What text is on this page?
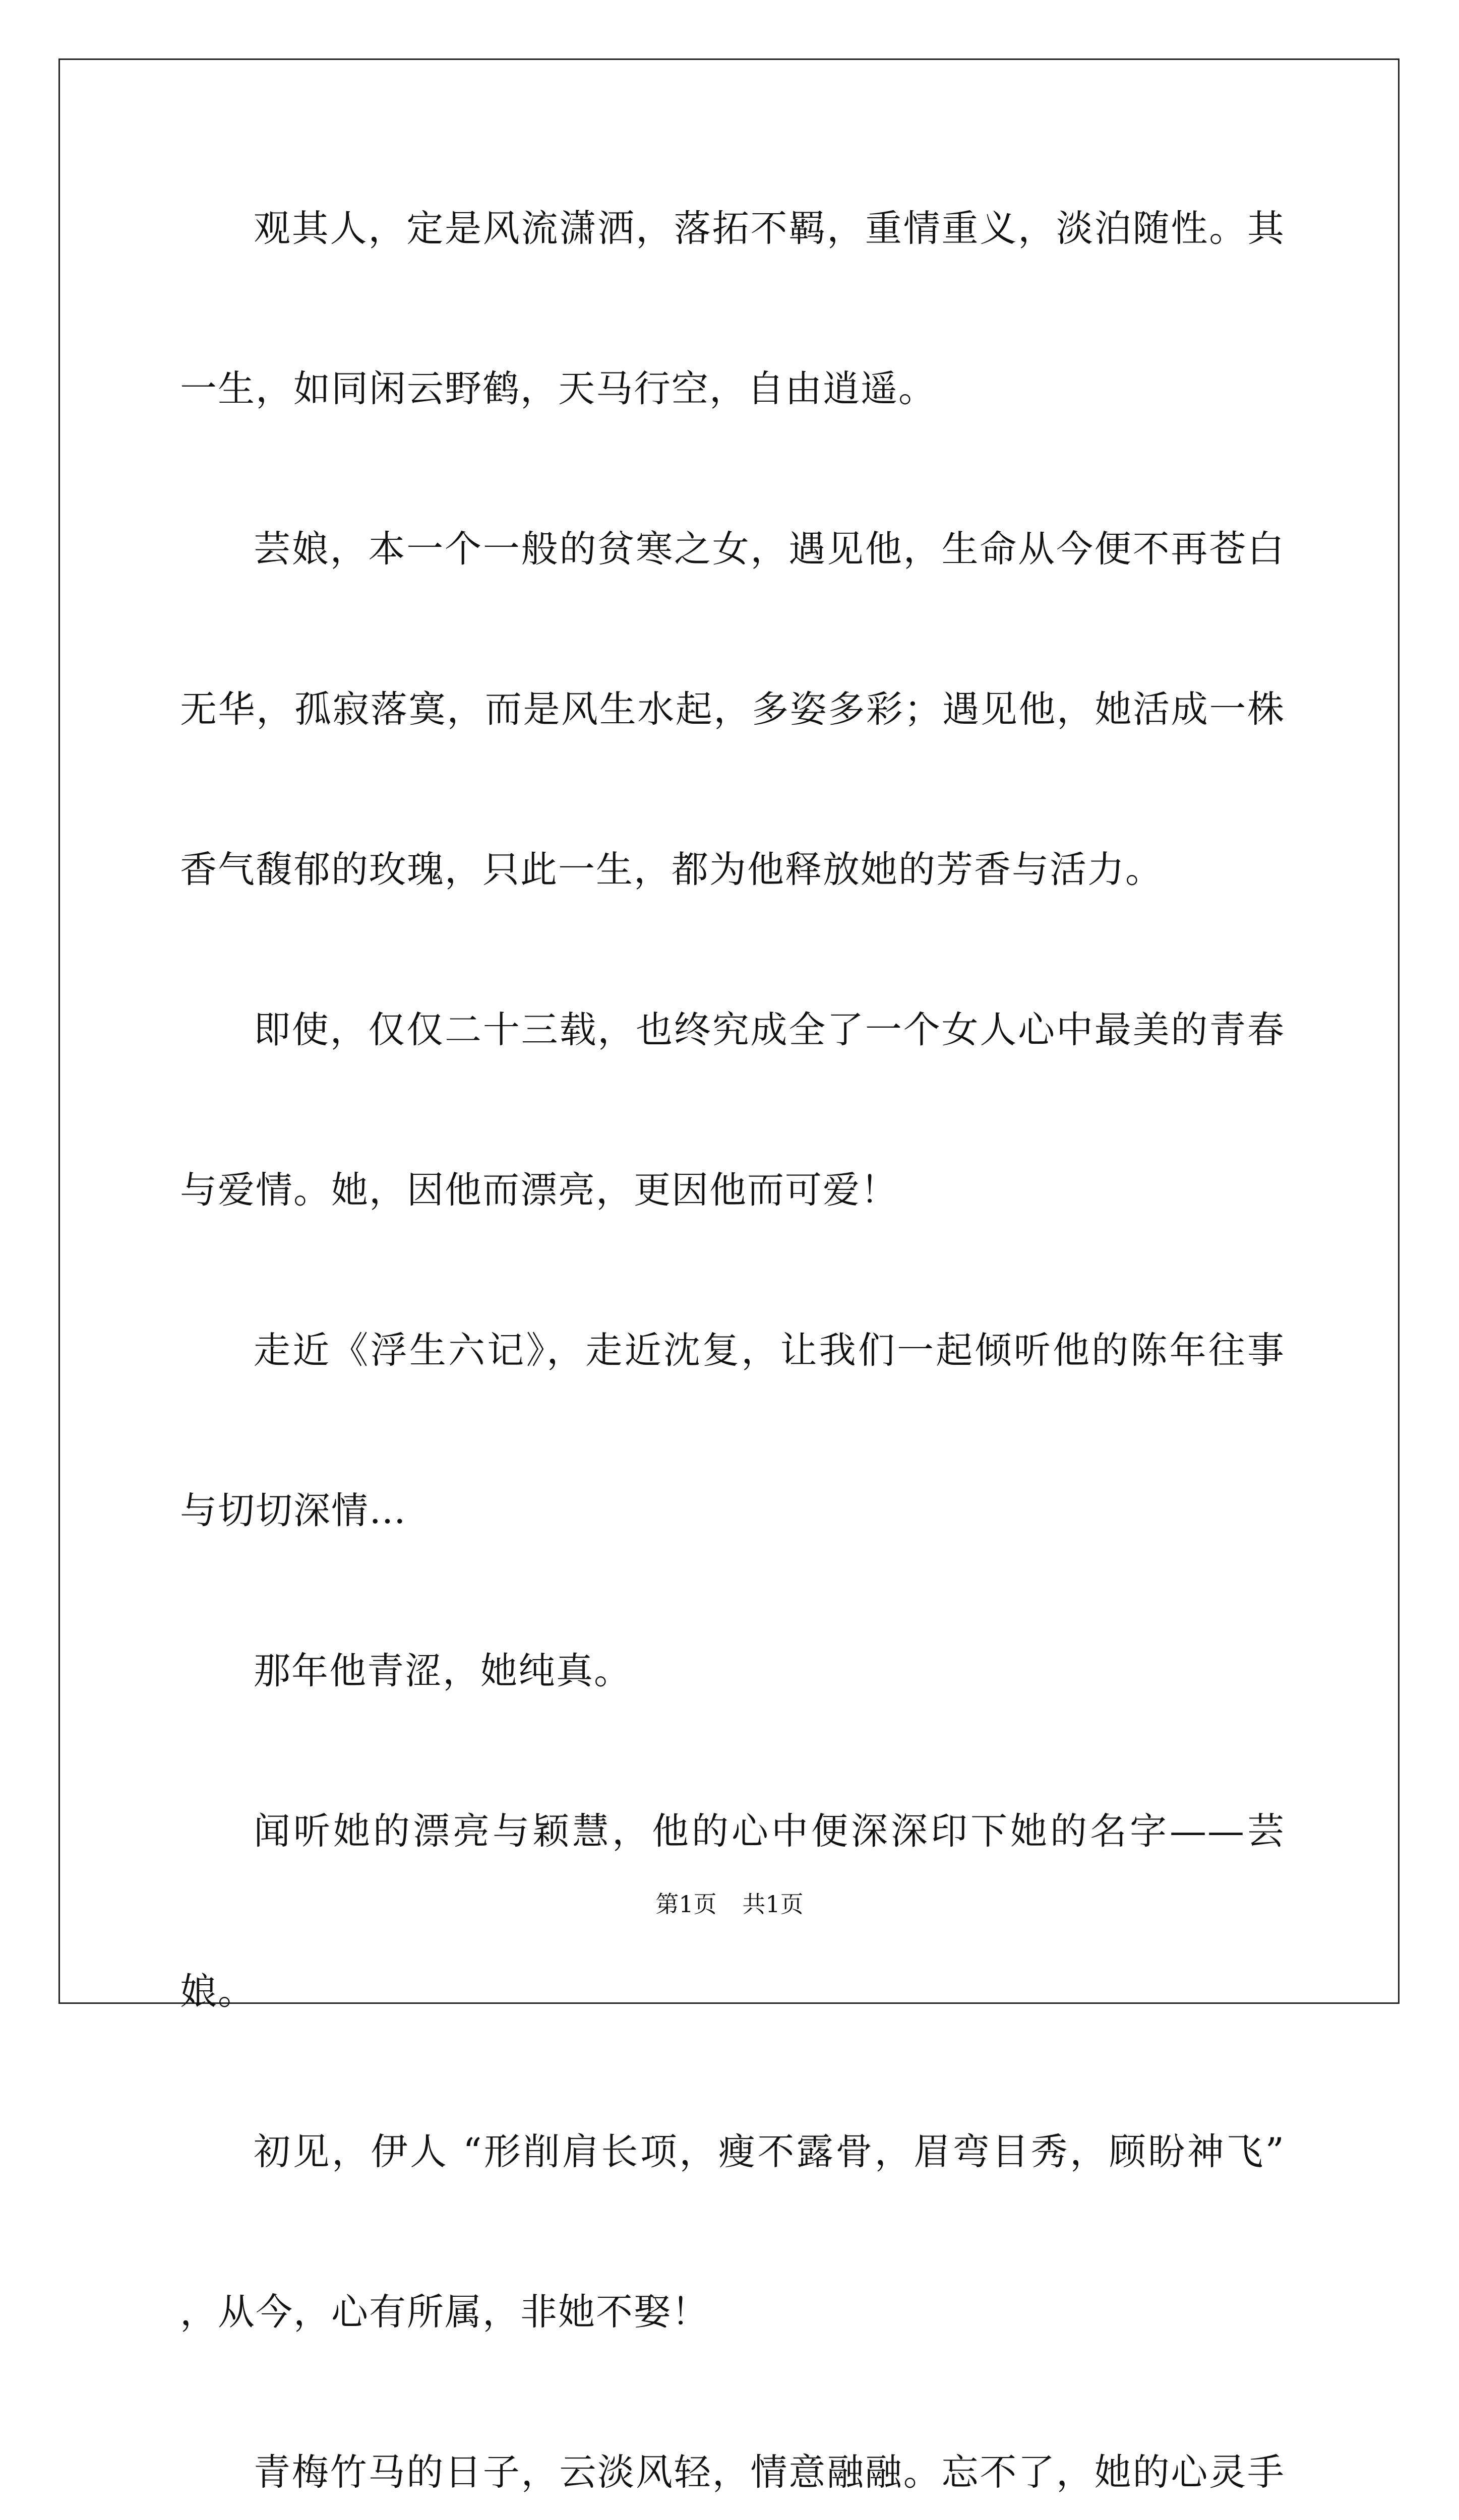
观其人，定是风流潇洒，落拓不羁，重情重义，淡泊随性。其一生，如同闲云野鹤，天马行空，自由逍遥。

芸娘，本一个一般的贫寒之女，遇见他，生命从今便不再苍白无华，孤寂落寞，而是风生水起，多姿多彩；遇见他，她活成一株香气馥郁的玫瑰，只此一生，都为他释放她的芳香与活力。

即使，仅仅二十三载，也终究成全了一个女人心中最美的青春与爱情。她，因他而漂亮，更因他而可爱！

走近《浮生六记》，走近沈复，让我们一起倾听他的陈年往事与切切深情…

那年他青涩，她纯真。

闻听她的漂亮与颖慧，他的心中便深深印下她的名字——芸娘。

初见，伊人 “形削肩长项，瘦不露骨，眉弯目秀，顾盼神飞” ，从今，心有所属，非她不娶！

青梅竹马的日子，云淡风轻，情意融融。忘不了，她的心灵手

第1页 共1页
